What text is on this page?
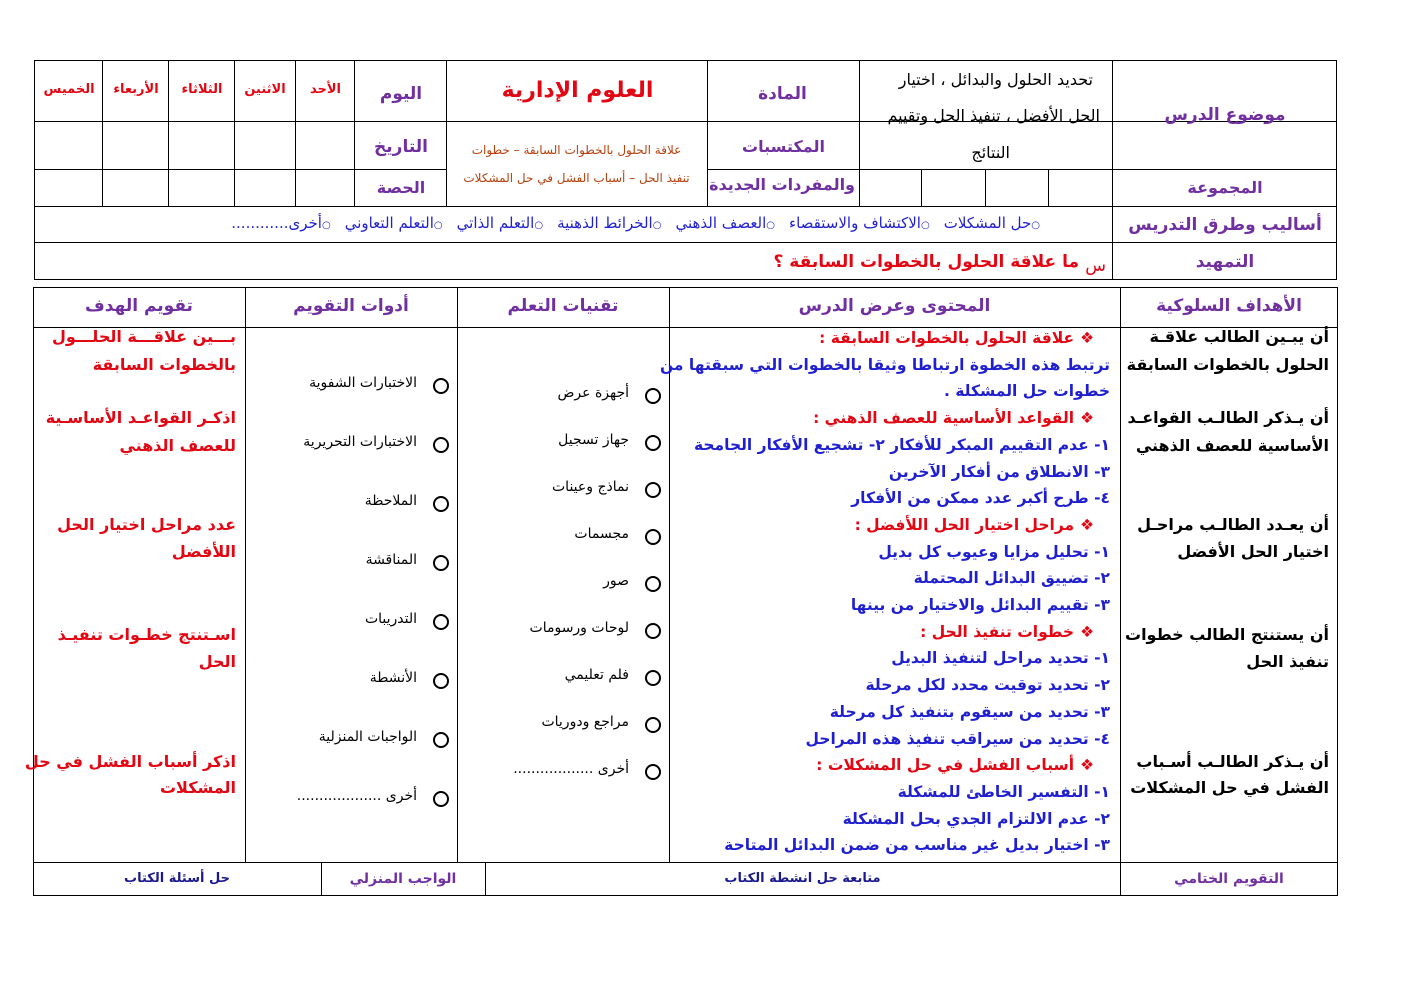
موضوع الدرس
تحديد الحلول والبدائل ، اختيار
الحل الأفضل ، تنفيذ الحل وتقييم
النتائج
المادة
العلوم الإدارية
اليوم
الأحد
الاثنين
الثلاثاء
الأربعاء
الخميس
المكتسبات
والمفردات الجديدة
علاقة الحلول بالخطوات السابقة – خطوات
تنفيذ الحل – أسباب الفشل في حل المشكلات
التاريخ
الحصة	المجموعة
أساليب وطرق التدريس
التمهيد
○حل المشكلات○الاكتشاف والاستقصاء○العصف الذهني○الخرائط الذهنية○التعلم الذاتي○التعلم التعاوني○أخرى............
س
ما علاقة الحلول بالخطوات السابقة ؟
الأهداف السلوكية
المحتوى وعرض الدرس
تقنيات التعلم
أدوات التقويم
تقويم الهدف
أن يبـين الطالب علاقـة
الحلول بالخطوات السابقة
أن يـذكر الطالـب القواعـد
الأساسية للعصف الذهني
أن يعـدد الطالـب مراحـل
اختيار الحل الأفضل
أن يستنتج الطالب خطوات
تنفيذ الحل
أن يـذكر الطالـب أسـباب
الفشل في حل المشكلات
❖علاقة الحلول بالخطوات السابقة :
ترتبط هذه الخطوة ارتباطا وثيقا بالخطوات التي سبقتها من
خطوات حل المشكلة .
❖القواعد الأساسية للعصف الذهني :
١- عدم التقييم المبكر للأفكار ٢- تشجيع الأفكار الجامحة
٣- الانطلاق من أفكار الآخرين
٤- طرح أكبر عدد ممكن من الأفكار
❖مراحل اختيار الحل اللأفضل :
١- تحليل مزايا وعيوب كل بديل
٢- تضييق البدائل المحتملة
٣- تقييم البدائل والاختيار من بينها
❖خطوات تنفيذ الحل :
١- تحديد مراحل لتنفيذ البديل
٢- تحديد توقيت محدد لكل مرحلة
٣- تحديد من سيقوم بتنفيذ كل مرحلة
٤- تحديد من سيراقب تنفيذ هذه المراحل
❖أسباب الفشل في حل المشكلات :
١- التفسير الخاطئ للمشكلة
٢- عدم الالتزام الجدي بحل المشكلة
٣- اختيار بديل غير مناسب من ضمن البدائل المتاحة
أجهزة عرض
جهاز تسجيل
نماذج وعينات
مجسمات
صور
لوحات ورسومات
فلم تعليمي
مراجع ودوريات
أخرى ..................
الاختبارات الشفوية
الاختبارات التحريرية
الملاحظة
المناقشة
التدريبات
الأنشطة
الواجبات المنزلية
أخرى ...................
بـــين علاقـــة الحلـــول
بالخطوات السابقة
اذكـر القواعـد الأساسـية
للعصف الذهني
عدد مراحل اختيار الحل
اللأفضل
اسـتنتج خطـوات تنفيـذ
الحل
اذكر أسباب الفشل في حل
المشكلات
التقويم الختامي
متابعة حل انشطة الكتاب
الواجب المنزلي
حل أسئلة الكتاب
